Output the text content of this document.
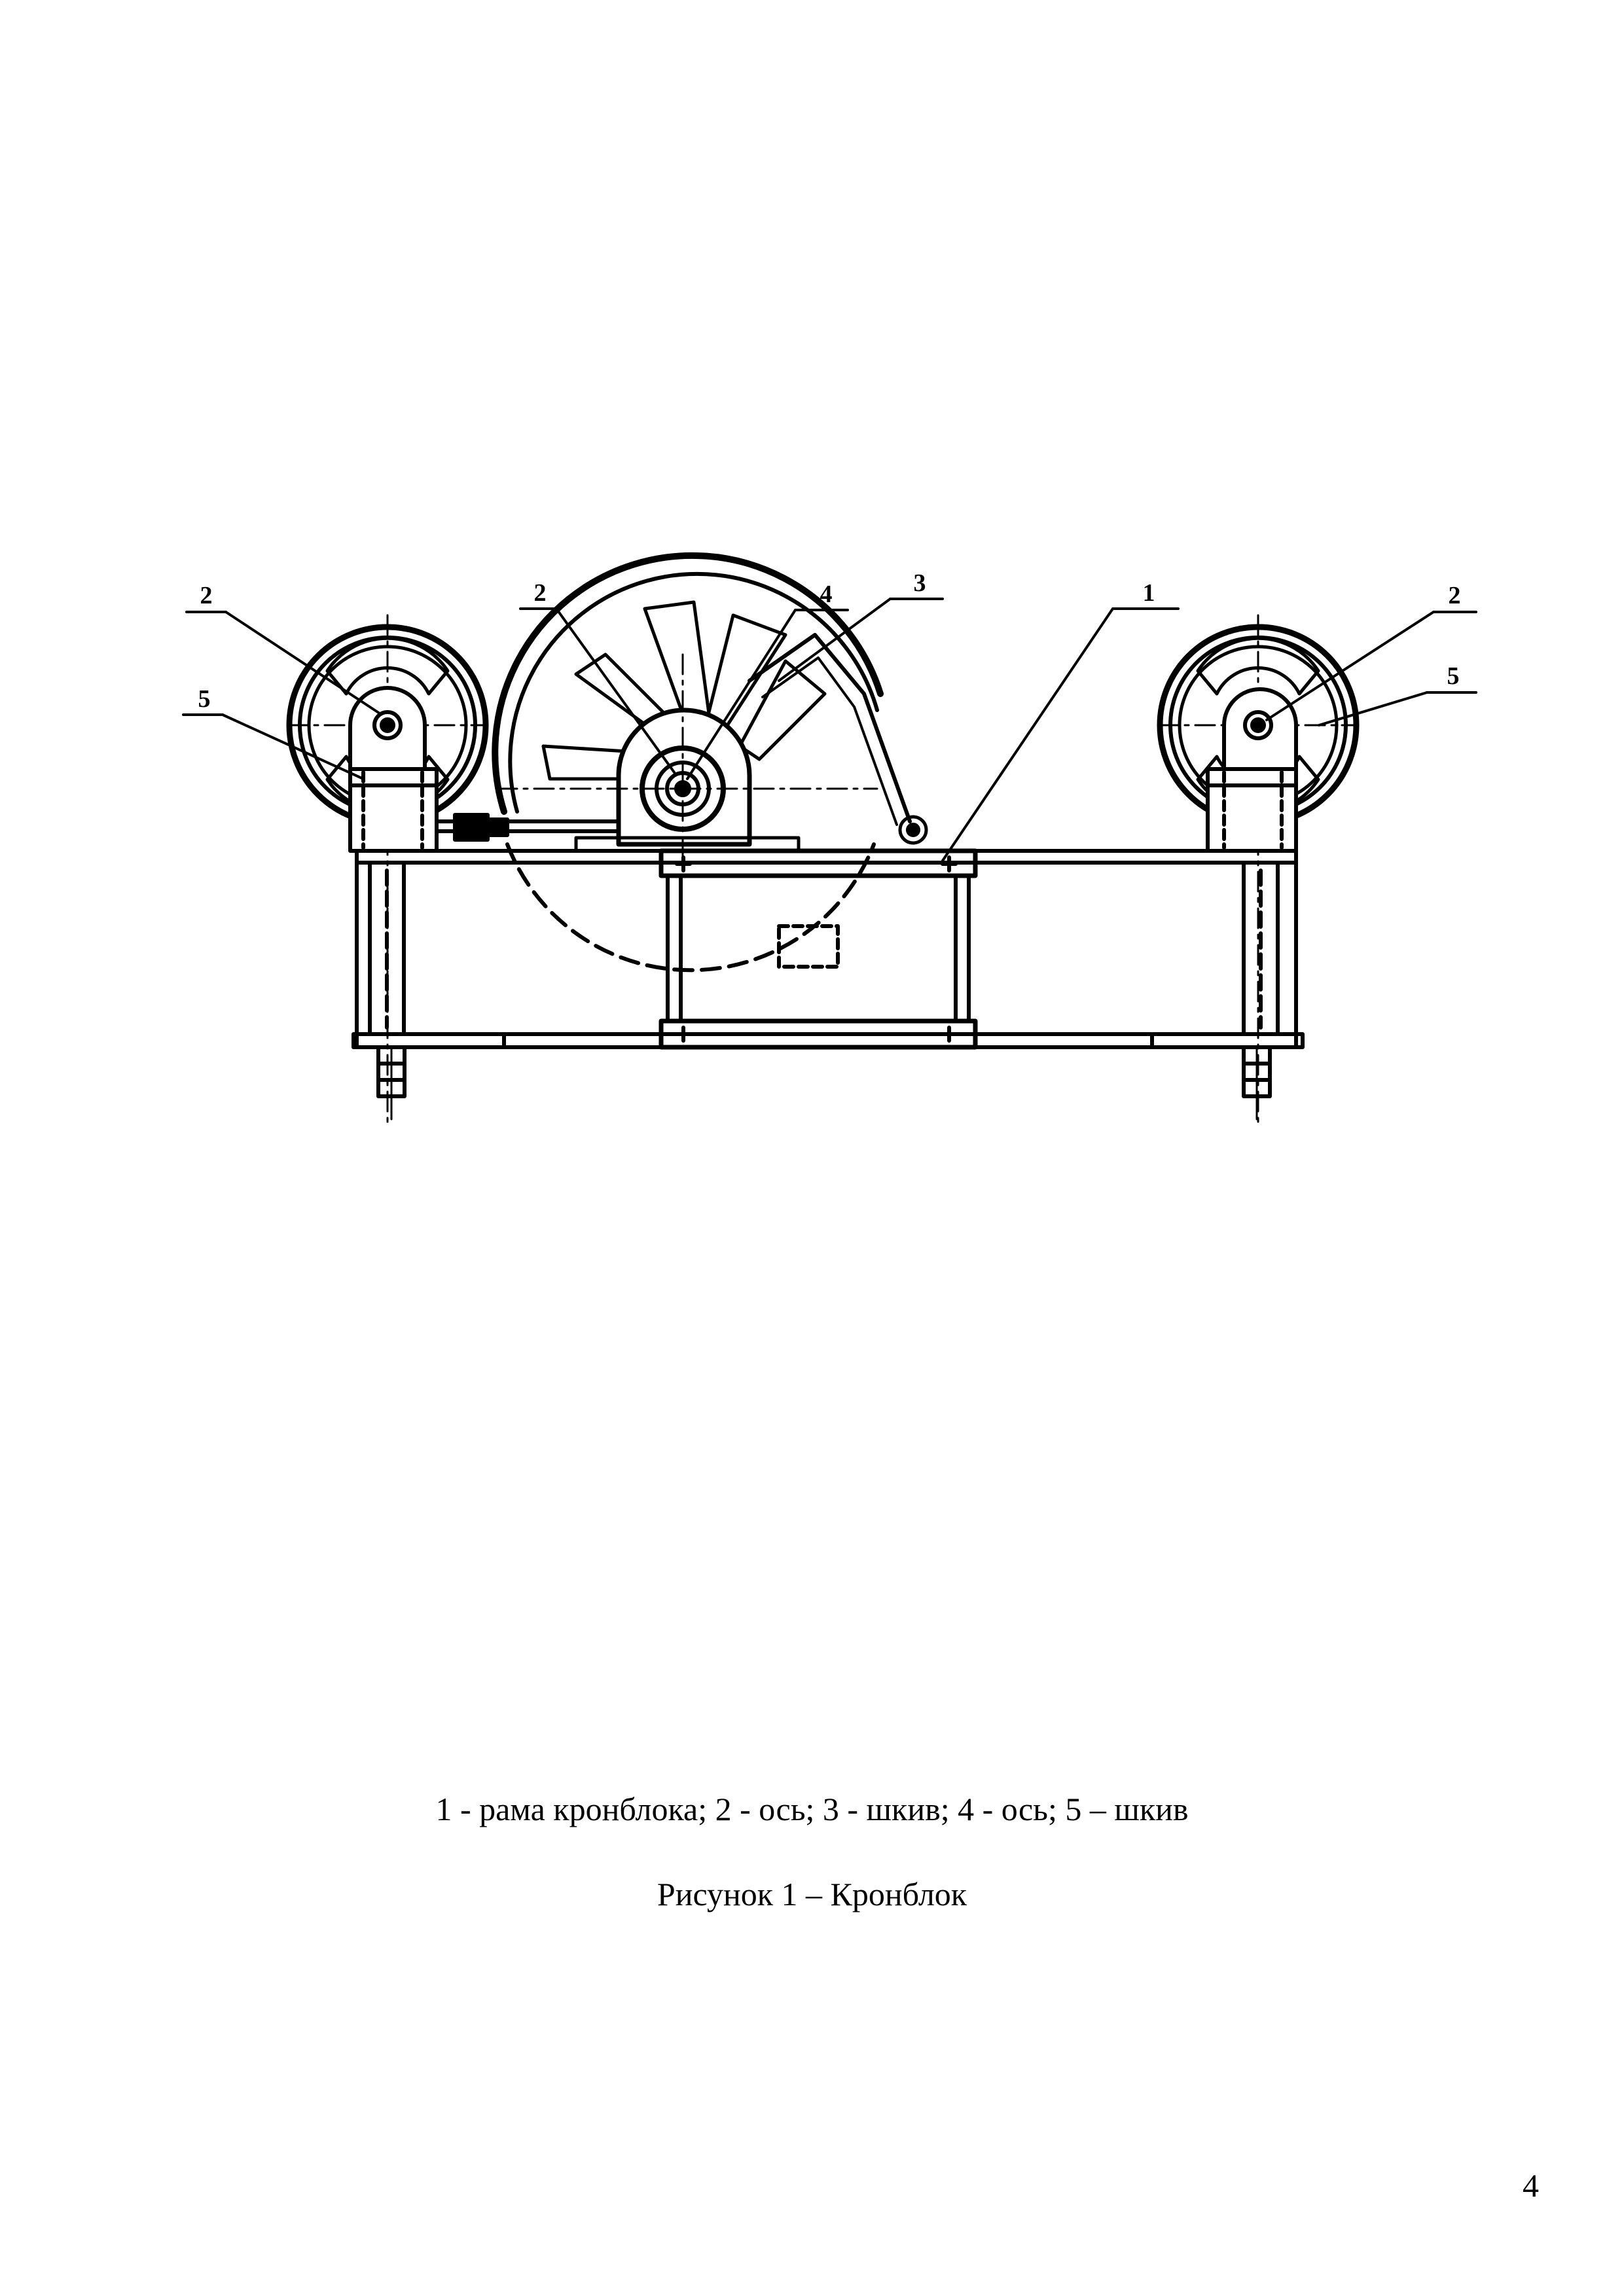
2
5
2	4	3	1	2
5
1 - рама кронблока; 2 - ось; 3 - шкив; 4 - ось; 5 – шкив
Рисунок 1 – Кронблок
4
